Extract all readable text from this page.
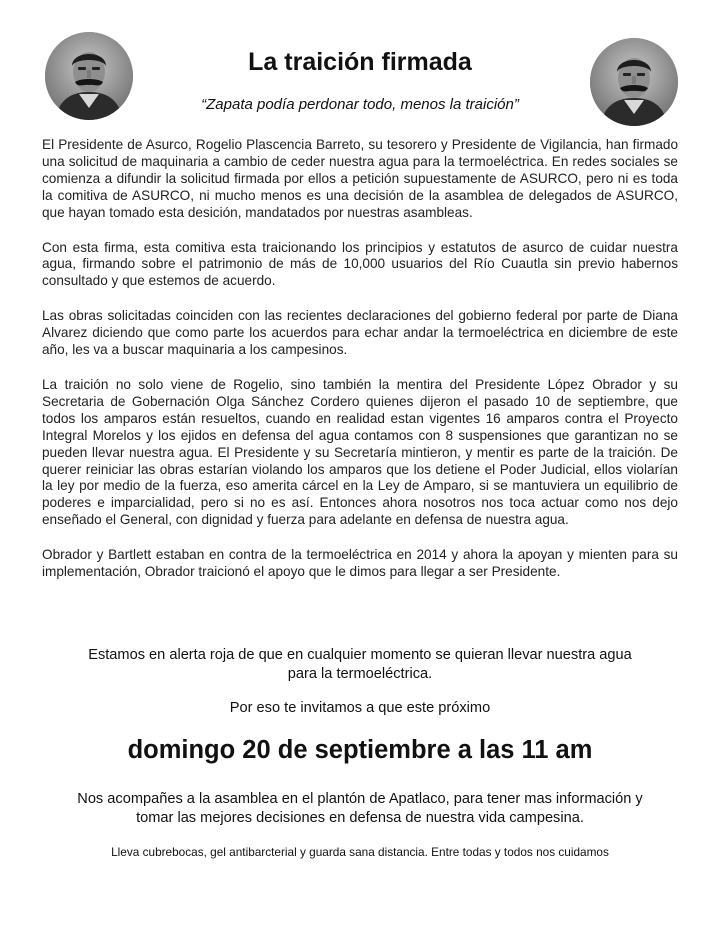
La traición firmada

“Zapata podía perdonar todo, menos la traición”

El Presidente de Asurco, Rogelio Plascencia Barreto, su tesorero y Presidente de Vigilancia, han firmado una solicitud de maquinaria a cambio de ceder nuestra agua para la termoeléctrica. En redes sociales se comienza a difundir la solicitud firmada por ellos a petición supuestamente de ASURCO, pero ni es toda la comitiva de ASURCO, ni mucho menos es una decisión de la asamblea de delegados de ASURCO, que hayan tomado esta desición, mandatados por nuestras asambleas.

Con esta firma, esta comitiva esta traicionando los principios y estatutos de asurco de cuidar nuestra agua, firmando sobre el patrimonio de más de 10,000 usuarios del Río Cuautla sin previo habernos consultado y que estemos de acuerdo.

Las obras solicitadas coinciden con las recientes declaraciones del gobierno federal por parte de Diana Alvarez diciendo que como parte los acuerdos para echar andar la termoeléctrica en diciembre de este año, les va a buscar maquinaria a los campesinos.

La traición no solo viene de Rogelio, sino también la mentira del Presidente López Obrador y su Secretaria de Gobernación Olga Sánchez Cordero quienes dijeron el pasado 10 de septiembre, que todos los amparos están resueltos, cuando en realidad estan vigentes 16 amparos contra el Proyecto Integral Morelos y los ejidos en defensa del agua contamos con 8 suspensiones que garantizan no se pueden llevar nuestra agua. El Presidente y su Secretaría mintieron, y mentir es parte de la traición. De querer reiniciar las obras estarían violando los amparos que los detiene el Poder Judicial, ellos violarían la ley por medio de la fuerza, eso amerita cárcel en la Ley de Amparo, si se mantuviera un equilibrio de poderes e imparcialidad, pero si no es así. Entonces ahora nosotros nos toca actuar como nos dejo enseñado el General, con dignidad y fuerza para adelante en defensa de nuestra agua.

Obrador y Bartlett estaban en contra de la termoeléctrica en 2014 y ahora la apoyan y mienten para su implementación, Obrador traicionó el apoyo que le dimos para llegar a ser Presidente.

Estamos en alerta roja de que en cualquier momento se quieran llevar nuestra agua para la termoeléctrica.
Por eso te invitamos a que este próximo
domingo 20 de septiembre a las 11 am
Nos acompañes a la asamblea en el plantón de Apatlaco, para tener mas información y tomar las mejores decisiones en defensa de nuestra vida campesina.
Lleva cubrebocas, gel antibarcterial y guarda sana distancia. Entre todas y todos nos cuidamos
